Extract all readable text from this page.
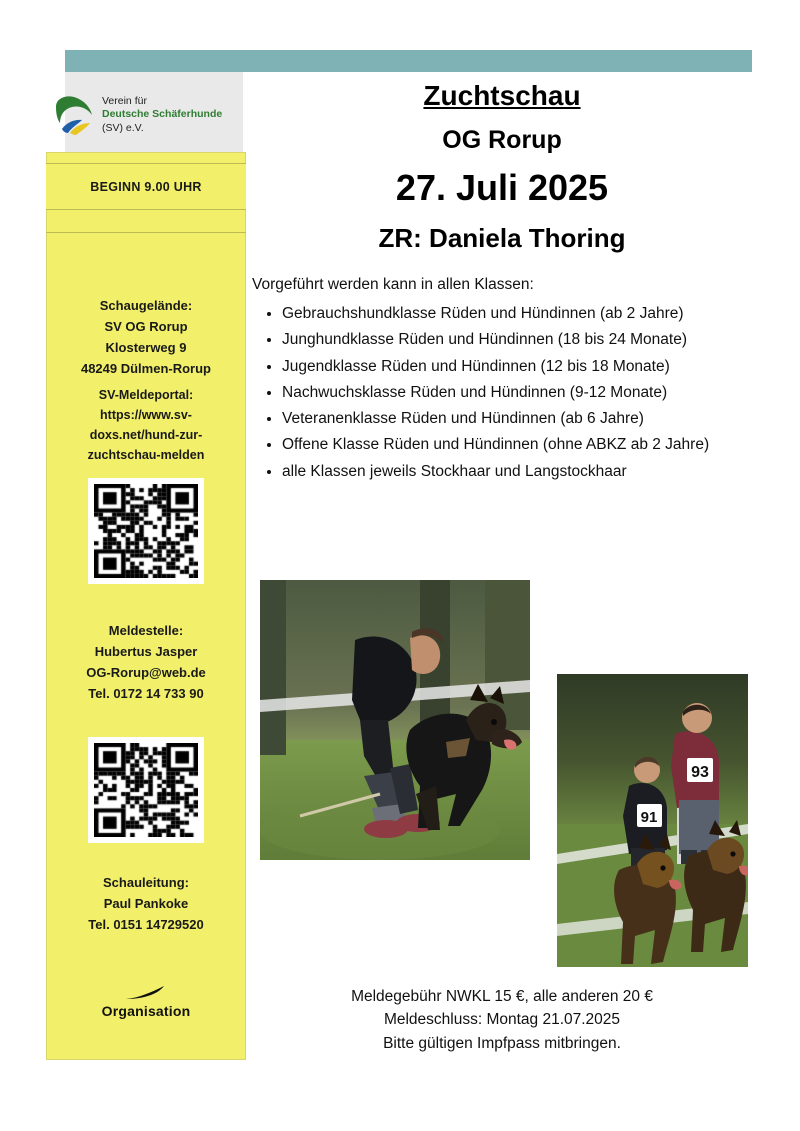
Verein für
Deutsche Schäferhunde
(SV) e.V.
BEGINN 9.00 UHR
Schaugelände:
SV OG Rorup
Klosterweg 9
48249 Dülmen-Rorup
SV-Meldeportal:
https://www.sv-
doxs.net/hund-zur-
zuchtschau-melden
Meldestelle:
Hubertus Jasper
OG-Rorup@web.de
Tel. 0172 14 733 90
Schauleitung:
Paul Pankoke
Tel. 0151 14729520
Organisation
Zuchtschau
OG Rorup
27. Juli 2025
ZR: Daniela Thoring

Vorgeführt werden kann in allen Klassen:

• Gebrauchshundklasse Rüden und Hündinnen (ab 2 Jahre)
• Junghundklasse Rüden und Hündinnen (18 bis 24 Monate)
• Jugendklasse Rüden und Hündinnen (12 bis 18 Monate)
• Nachwuchsklasse Rüden und Hündinnen (9-12 Monate)
• Veteranenklasse Rüden und Hündinnen (ab 6 Jahre)
• Offene Klasse Rüden und Hündinnen (ohne ABKZ ab 2 Jahre)
• alle Klassen jeweils Stockhaar und Langstockhaar
93
91
Meldegebühr NWKL 15 €, alle anderen 20 €
Meldeschluss: Montag 21.07.2025
Bitte gültigen Impfpass mitbringen.
